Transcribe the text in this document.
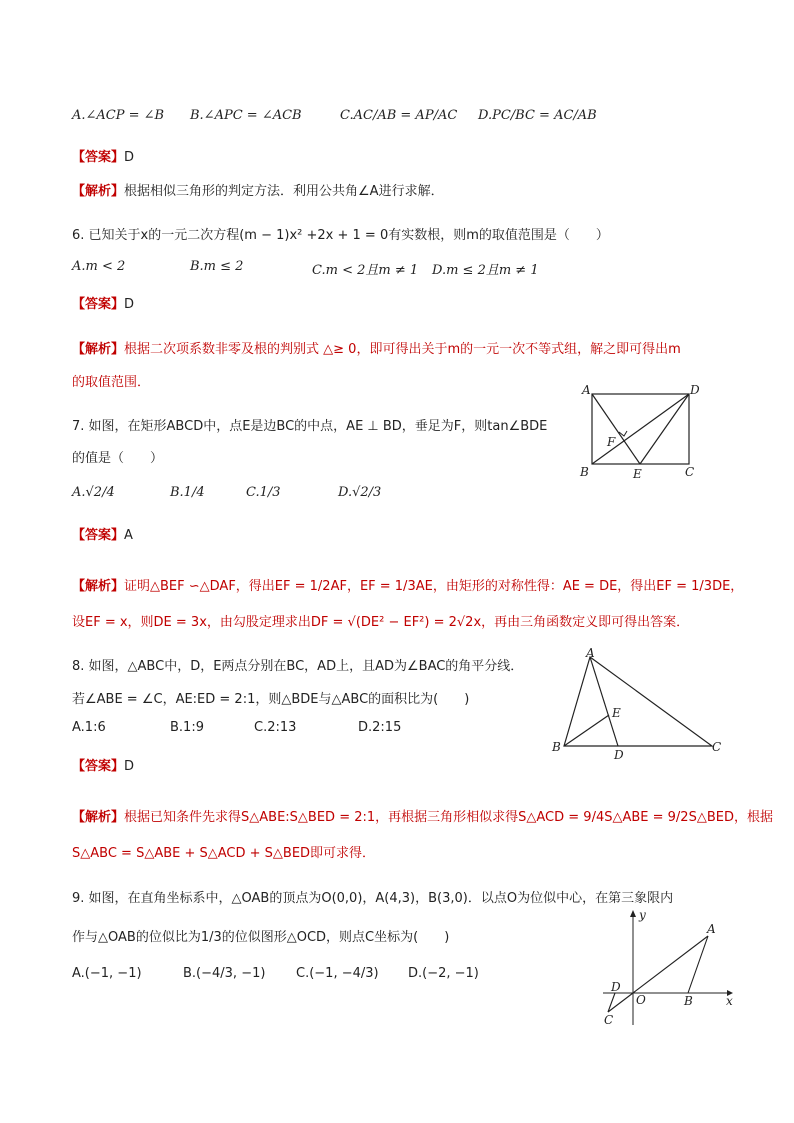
A.∠ACP = ∠B B.∠APC = ∠ACB	C.AC/AB = AP/AC D.PC/BC = AC/AB
【答案】D
【解析】根据相似三角形的判定方法．利用公共角∠A进行求解．
6. 已知关于x的一元二次方程(m − 1)x² +2x + 1 = 0有实数根，则m的取值范围是（　　）
A.m < 2	B.m ≤ 2	C.m < 2且m ≠ 1 D.m ≤ 2且m ≠ 1
【答案】D
【解析】根据二次项系数非零及根的判别式 △≥ 0，即可得出关于m的一元一次不等式组，解之即可得出m
的取值范围．
7. 如图，在矩形ABCD中，点E是边BC的中点，AE ⊥ BD，垂足为F，则tan∠BDE
的值是（　　）
A.√2/4	B.1/4	C.1/3	D.√2/3
【答案】A
【解析】证明△BEF ∽△DAF，得出EF = 1/2AF，EF = 1/3AE，由矩形的对称性得：AE = DE，得出EF = 1/3DE，
设EF = x，则DE = 3x，由勾股定理求出DF = √(DE² − EF²) = 2√2x，再由三角函数定义即可得出答案．
A	D
B	E	C
F
8. 如图，△ABC中，D，E两点分别在BC，AD上，且AD为∠BAC的角平分线．
若∠ABE = ∠C，AE:ED = 2:1，则△BDE与△ABC的面积比为(　　)
A.1:6	B.1:9	C.2:13	D.2:15
【答案】D
【解析】根据已知条件先求得S△ABE:S△BED = 2:1，再根据三角形相似求得S△ACD = 9/4S△ABE = 9/2S△BED，根据
S△ABC = S△ABE + S△ACD + S△BED即可求得．
A
B
D
C
E
9. 如图，在直角坐标系中，△OAB的顶点为O(0,0)，A(4,3)，B(3,0)．以点O为位似中心，在第三象限内
作与△OAB的位似比为1/3的位似图形△OCD，则点C坐标为(　　)
A.(−1, −1)	B.(−4/3, −1) C.(−1, −4/3) D.(−2, −1)
x
y
O
A
B
D
C
